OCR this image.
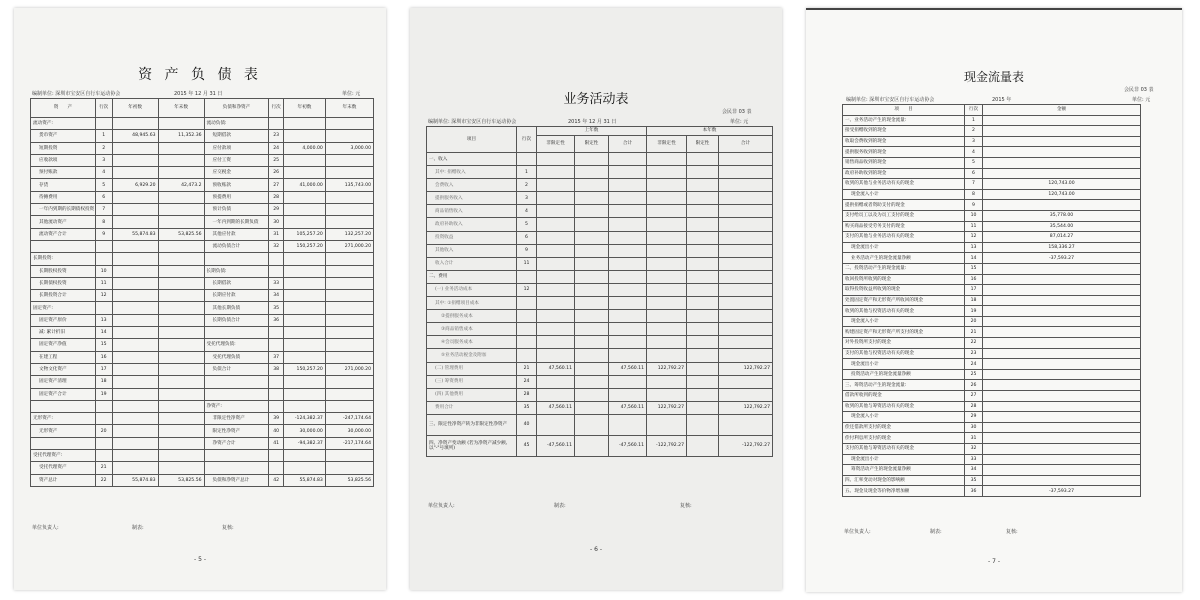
资 产 负 债 表
编制单位: 深圳市宝安区自行车运动协会	2015 年 12 月 31 日	单位: 元
资　　产	行次	年初数	年末数	负债和净资产	行次	年初数	年末数
流动资产:				流动负债:			
货币资产	1	48,945.63	11,352.36	短期借款	23		
短期投资	2			应付款项	24	4,000.00	3,000.00
应收款项	3			应付工资	25		
预付账款	4			应交税金	26		
存货	5	6,929.20	42,473.2	预收账款	27	41,000.00	135,743.00
待摊费用	6			预提费用	28		
一年内到期的长期债权投资	7			预计负债	29		
其他流动资产	8			一年内到期的长期负债	30		
流动资产合计	9	55,874.83	53,825.56	其他应付款	31	105,257.20	132,257.20
				流动负债合计	32	150,257.20	271,000.20
长期投资:							
长期股权投资	10			长期负债:			
长期债权投资	11			长期借款	33		
长期投资合计	12			长期应付款	34		
固定资产:				其他长期负债	35		
固定资产原价	13			长期负债合计	36		
减: 累计折旧	14						
固定资产净值	15			受托代理负债:			
在建工程	16			受托代理负债	37		
文物文化资产	17			负债合计	38	150,257.20	271,000.20
固定资产清理	18						
固定资产合计	19						
				净资产:			
无形资产:				非限定性净资产	39	-124,382.37	-247,174.64
无形资产	20			限定性净资产	40	30,000.00	30,000.00
				净资产合计	41	-94,382.37	-217,174.64
受托代理资产:							
受托代理资产	21						
资产总计	22	55,874.83	53,825.56	负债和净资产总计	42	55,874.83	53,825.56
单位负责人:	制表:	复核:
- 5 -
业务活动表
会民非 03 表
编制单位: 深圳市宝安区自行车运动协会	2015 年 12 月 31 日	单位: 元
项目	行次	上年数			本年数		
		非限定性	限定性	合计	非限定性	限定性	合计
一、收入							
其中: 捐赠收入	1						
会费收入	2						
提供服务收入	3						
商品销售收入	4						
政府补助收入	5						
投资收益	6						
其他收入	9						
收入合计	11						
二、费用							
(一) 业务活动成本	12						
其中: ①捐赠项目成本							
②提供服务成本							
③商品销售成本							
④会员服务成本							
⑤业务活动税金及附加							
(二) 管理费用	21	47,560.11		47,560.11	122,792.27		122,792.27
(三) 筹资费用	24						
(四) 其他费用	28						
费用合计	35	47,560.11		47,560.11	122,792.27		122,792.27
三、限定性净资产转为非限定性净资产	40						
四、净资产变动额 (若为净资产减少额, 以"-"号填列)	45	-47,560.11		-47,560.11	-122,792.27		-122,792.27
单位负责人:	制表:	复核:
- 6 -
现金流量表
会民非 03 表
编制单位: 深圳市宝安区自行车运动协会	2015 年	单位: 元
项　　目	行次	金额
一、业务活动产生的现金流量:	1	
接受捐赠收到的现金	2	
收取会费收到的现金	3	
提供服务收到的现金	4	
销售商品收到的现金	5	
政府补助收到的现金	6	
收到的其他与业务活动有关的现金	7	120,743.00
现金流入小计	8	120,743.00
提供捐赠或者资助支付的现金	9	
支付给员工以及为员工支付的现金	10	35,778.00
购买商品接受劳务支付的现金	11	35,544.00
支付的其他与业务活动有关的现金	12	87,014.27
现金流出小计	13	158,336.27
业务活动产生的现金流量净额	14	-37,593.27
二、投资活动产生的现金流量:	15	
收回投资所收到的现金	16	
取得投资收益所收到的现金	17	
处置固定资产和无形资产所收回的现金	18	
收到的其他与投资活动有关的现金	19	
现金流入小计	20	
购建固定资产和无形资产所支付的现金	21	
对外投资所支付的现金	22	
支付的其他与投资活动有关的现金	23	
现金流出小计	24	
投资活动产生的现金流量净额	25	
三、筹资活动产生的现金流量:	26	
借款所收到的现金	27	
收到的其他与筹资活动有关的现金	28	
现金流入小计	29	
偿还借款所支付的现金	30	
偿付利息所支付的现金	31	
支付的其他与筹资活动有关的现金	32	
现金流出小计	33	
筹资活动产生的现金流量净额	34	
四、汇率变动对现金的影响额	35	
五、现金及现金等价物净增加额	36	-37,593.27
单位负责人:	制表:	复核:
- 7 -
